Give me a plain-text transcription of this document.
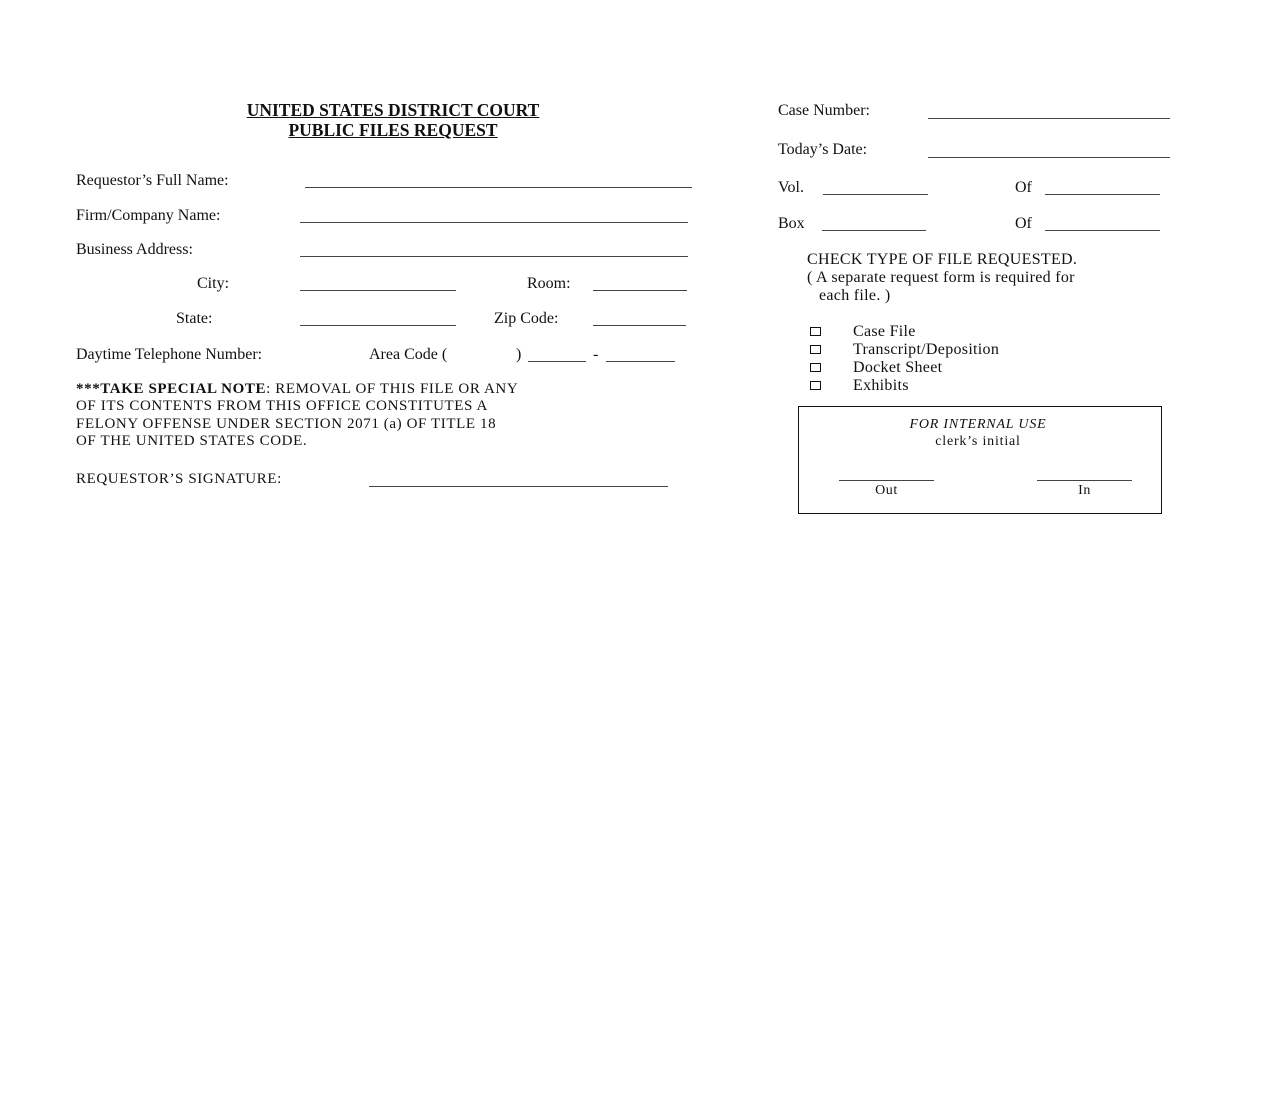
UNITED STATES DISTRICT COURT
PUBLIC FILES REQUEST
Requestor’s Full Name:
Firm/Company Name:
Business Address:
City:	Room:
State:	Zip Code:
Daytime Telephone Number:	Area Code (	)	-
***TAKE SPECIAL NOTE: REMOVAL OF THIS FILE OR ANY
OF ITS CONTENTS FROM THIS OFFICE CONSTITUTES A
FELONY OFFENSE UNDER SECTION 2071 (a) OF TITLE 18
OF THE UNITED STATES CODE.
REQUESTOR’S SIGNATURE:
Case Number:
Today’s Date:
Vol.	Of
Box	Of
CHECK TYPE OF FILE REQUESTED.
( A separate request form is required for
each file. )
Case File
Transcript/Deposition
Docket Sheet
Exhibits
FOR INTERNAL USE
clerk’s initial
Out	In
